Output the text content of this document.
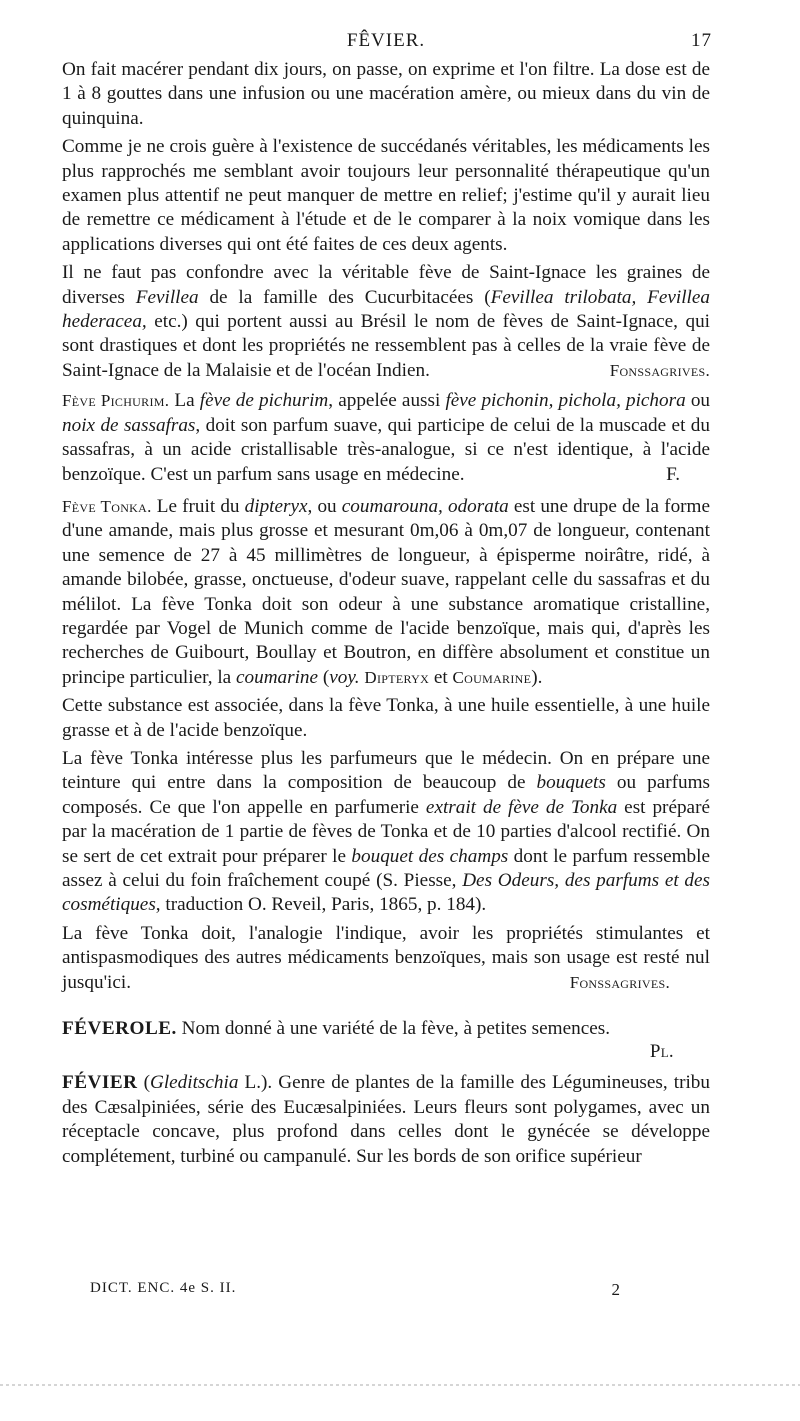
FÊVIER.	17

On fait macérer pendant dix jours, on passe, on exprime et l'on filtre. La dose est de 1 à 8 gouttes dans une infusion ou une macération amère, ou mieux dans du vin de quinquina.

Comme je ne crois guère à l'existence de succédanés véritables, les médicaments les plus rapprochés me semblant avoir toujours leur personnalité thérapeutique qu'un examen plus attentif ne peut manquer de mettre en relief; j'estime qu'il y aurait lieu de remettre ce médicament à l'étude et de le comparer à la noix vomique dans les applications diverses qui ont été faites de ces deux agents.

Il ne faut pas confondre avec la véritable fève de Saint-Ignace les graines de diverses Fevillea de la famille des Cucurbitacées (Fevillea trilobata, Fevillea hederacea, etc.) qui portent aussi au Brésil le nom de fèves de Saint-Ignace, qui sont drastiques et dont les propriétés ne ressemblent pas à celles de la vraie fève de Saint-Ignace de la Malaisie et de l'océan Indien.	Fonssagrives.

Fève Pichurim. La fève de pichurim, appelée aussi fève pichonin, pichola, pichora ou noix de sassafras, doit son parfum suave, qui participe de celui de la muscade et du sassafras, à un acide cristallisable très-analogue, si ce n'est identique, à l'acide benzoïque. C'est un parfum sans usage en médecine.	F.

Fève Tonka. Le fruit du dipteryx, ou coumarouna, odorata est une drupe de la forme d'une amande, mais plus grosse et mesurant 0m,06 à 0m,07 de longueur, contenant une semence de 27 à 45 millimètres de longueur, à épisperme noirâtre, ridé, à amande bilobée, grasse, onctueuse, d'odeur suave, rappelant celle du sassafras et du mélilot. La fève Tonka doit son odeur à une substance aromatique cristalline, regardée par Vogel de Munich comme de l'acide benzoïque, mais qui, d'après les recherches de Guibourt, Boullay et Boutron, en diffère absolument et constitue un principe particulier, la coumarine (voy. Dipteryx et Coumarine).

Cette substance est associée, dans la fève Tonka, à une huile essentielle, à une huile grasse et à de l'acide benzoïque.

La fève Tonka intéresse plus les parfumeurs que le médecin. On en prépare une teinture qui entre dans la composition de beaucoup de bouquets ou parfums composés. Ce que l'on appelle en parfumerie extrait de fève de Tonka est préparé par la macération de 1 partie de fèves de Tonka et de 10 parties d'alcool rectifié. On se sert de cet extrait pour préparer le bouquet des champs dont le parfum ressemble assez à celui du foin fraîchement coupé (S. Piesse, Des Odeurs, des parfums et des cosmétiques, traduction O. Reveil, Paris, 1865, p. 184).

La fève Tonka doit, l'analogie l'indique, avoir les propriétés stimulantes et antispasmodiques des autres médicaments benzoïques, mais son usage est resté nul jusqu'ici.	Fonssagrives.

FÉVEROLE. Nom donné à une variété de la fève, à petites semences.

Pl.

FÉVIER (Gleditschia L.). Genre de plantes de la famille des Légumineuses, tribu des Cæsalpiniées, série des Eucæsalpiniées. Leurs fleurs sont polygames, avec un réceptacle concave, plus profond dans celles dont le gynécée se développe complétement, turbiné ou campanulé. Sur les bords de son orifice supérieur

DICT. ENC. 4e S. II.	2
